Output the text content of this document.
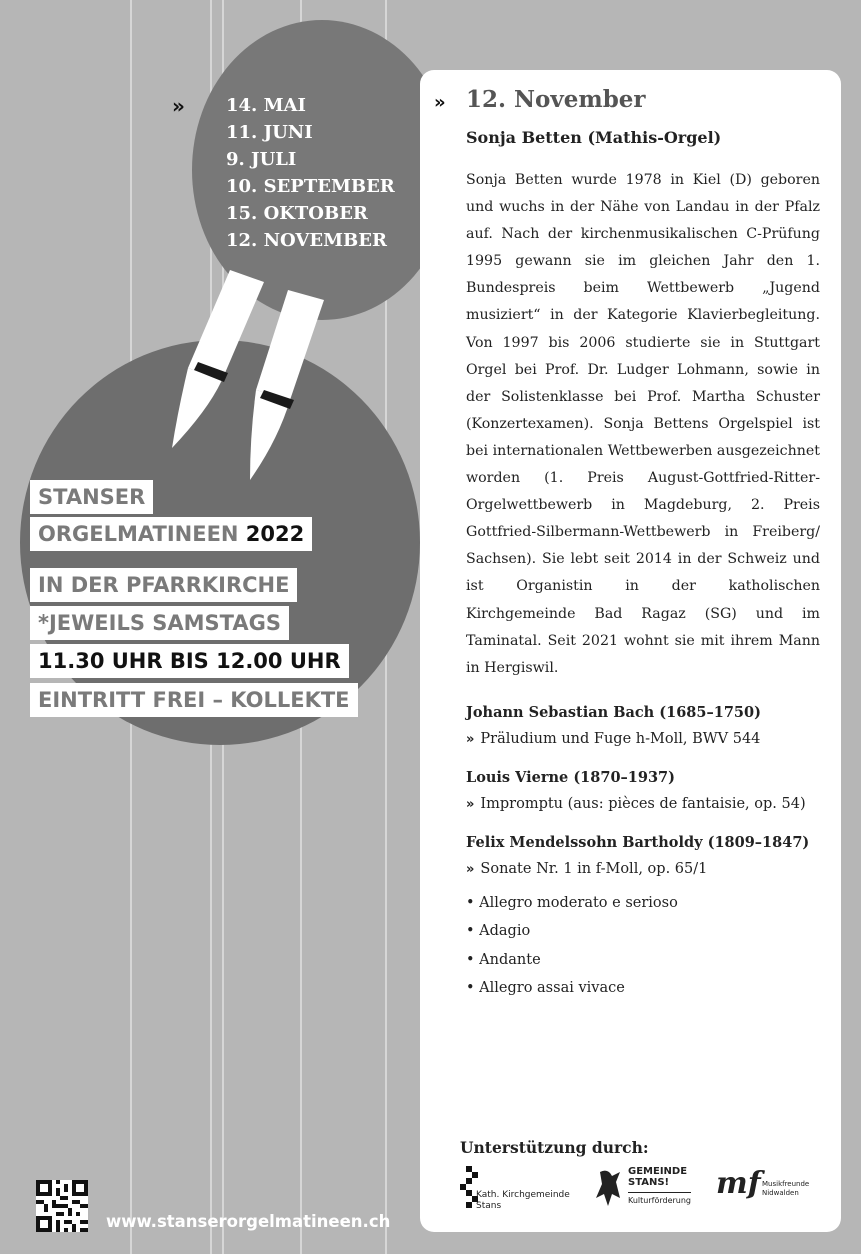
» 14. MAI
11. JUNI
9. JULI
10. SEPTEMBER
15. OKTOBER
12. NOVEMBER
STANSER
ORGELMATINEEN 2022
IN DER PFARRKIRCHE
*JEWEILS SAMSTAGS
11.30 UHR BIS 12.00 UHR
EINTRITT FREI – KOLLEKTE
» 12. November
Sonja Betten (Mathis-Orgel)

Sonja Betten wurde 1978 in Kiel (D) geboren und wuchs in der Nähe von Landau in der Pfalz auf. Nach der kirchenmusikalischen C-Prüfung 1995 gewann sie im gleichen Jahr den 1. Bundespreis beim Wettbewerb „Jugend musiziert“ in der Kategorie Klavierbegleitung. Von 1997 bis 2006 studierte sie in Stuttgart Orgel bei Prof. Dr. Ludger Lohmann, sowie in der Solistenklasse bei Prof. Martha Schuster (Konzertexamen). Sonja Bettens Orgelspiel ist bei internationalen Wettbewerben ausgezeichnet worden (1. Preis August-Gottfried-Ritter-Orgelwettbewerb in Magdeburg, 2. Preis Gottfried-Silbermann-Wettbewerb in Freiberg/ Sachsen). Sie lebt seit 2014 in der Schweiz und ist Organistin in der katholischen Kirchgemeinde Bad Ragaz (SG) und im Taminatal. Seit 2021 wohnt sie mit ihrem Mann in Hergiswil.

Johann Sebastian Bach (1685–1750)
» Präludium und Fuge h-Moll, BWV 544
Louis Vierne (1870–1937)
» Impromptu (aus: pièces de fantaisie, op. 54)
Felix Mendelssohn Bartholdy (1809–1847)
» Sonate Nr. 1 in f-Moll, op. 65/1
• Allegro moderato e serioso
• Adagio
• Andante
• Allegro assai vivace
Unterstützung durch:
Kath. Kirchgemeinde
Stans
GEMEINDE
STANS!
Kulturförderung mf Musikfreunde
Nidwalden
www.stanserorgelmatineen.ch
